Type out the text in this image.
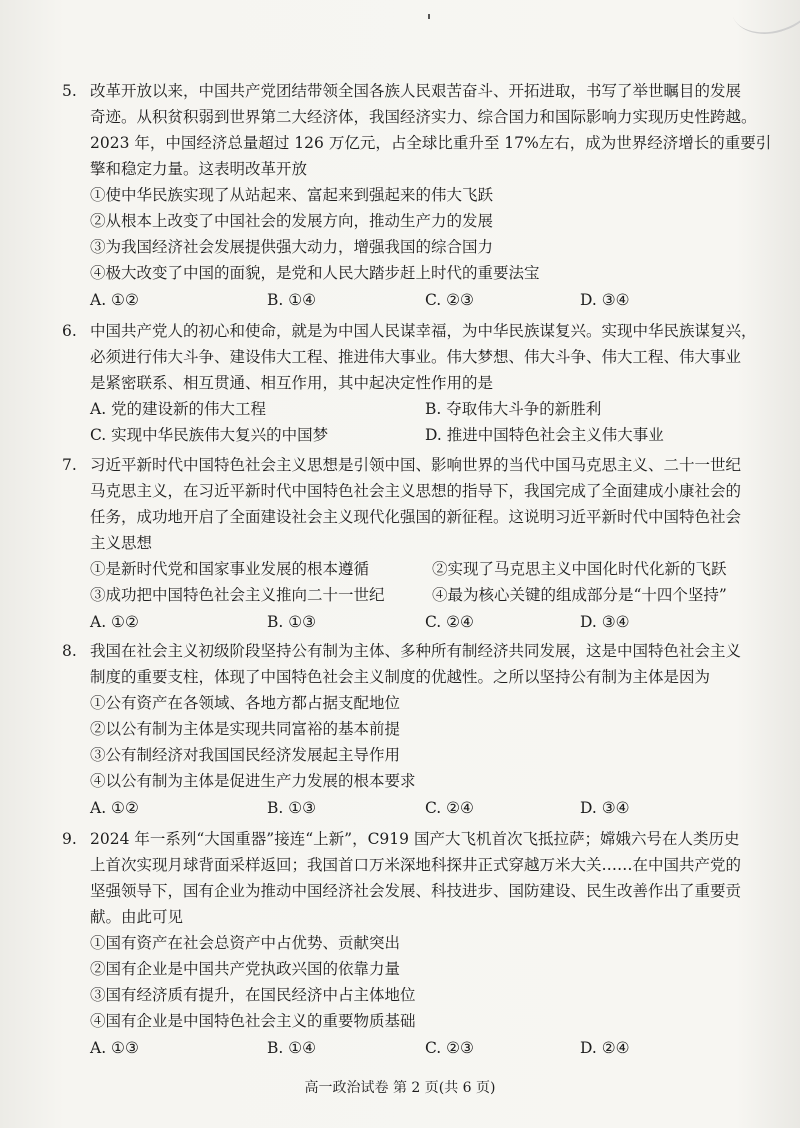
5. 改革开放以来，中国共产党团结带领全国各族人民艰苦奋斗、开拓进取，书写了举世瞩目的发展
奇迹。从积贫积弱到世界第二大经济体，我国经济实力、综合国力和国际影响力实现历史性跨越。
2023 年，中国经济总量超过 126 万亿元，占全球比重升至 17%左右，成为世界经济增长的重要引
擎和稳定力量。这表明改革开放
①使中华民族实现了从站起来、富起来到强起来的伟大飞跃
②从根本上改变了中国社会的发展方向，推动生产力的发展
③为我国经济社会发展提供强大动力，增强我国的综合国力
④极大改变了中国的面貌，是党和人民大踏步赶上时代的重要法宝
A. ①②	B. ①④	C. ②③	D. ③④
6. 中国共产党人的初心和使命，就是为中国人民谋幸福，为中华民族谋复兴。实现中华民族谋复兴，
必须进行伟大斗争、建设伟大工程、推进伟大事业。伟大梦想、伟大斗争、伟大工程、伟大事业
是紧密联系、相互贯通、相互作用，其中起决定性作用的是
A. 党的建设新的伟大工程	B. 夺取伟大斗争的新胜利
C. 实现中华民族伟大复兴的中国梦	D. 推进中国特色社会主义伟大事业
7. 习近平新时代中国特色社会主义思想是引领中国、影响世界的当代中国马克思主义、二十一世纪
马克思主义，在习近平新时代中国特色社会主义思想的指导下，我国完成了全面建成小康社会的
任务，成功地开启了全面建设社会主义现代化强国的新征程。这说明习近平新时代中国特色社会
主义思想
①是新时代党和国家事业发展的根本遵循	②实现了马克思主义中国化时代化新的飞跃
③成功把中国特色社会主义推向二十一世纪	④最为核心关键的组成部分是“十四个坚持”
A. ①②	B. ①③	C. ②④	D. ③④
8. 我国在社会主义初级阶段坚持公有制为主体、多种所有制经济共同发展，这是中国特色社会主义
制度的重要支柱，体现了中国特色社会主义制度的优越性。之所以坚持公有制为主体是因为
①公有资产在各领域、各地方都占据支配地位
②以公有制为主体是实现共同富裕的基本前提
③公有制经济对我国国民经济发展起主导作用
④以公有制为主体是促进生产力发展的根本要求
A. ①②	B. ①③	C. ②④	D. ③④
9. 2024 年一系列“大国重器”接连“上新”，C919 国产大飞机首次飞抵拉萨；嫦娥六号在人类历史
上首次实现月球背面采样返回；我国首口万米深地科探井正式穿越万米大关……在中国共产党的
坚强领导下，国有企业为推动中国经济社会发展、科技进步、国防建设、民生改善作出了重要贡
献。由此可见
①国有资产在社会总资产中占优势、贡献突出
②国有企业是中国共产党执政兴国的依靠力量
③国有经济质有提升，在国民经济中占主体地位
④国有企业是中国特色社会主义的重要物质基础
A. ①③	B. ①④	C. ②③	D. ②④
高一政治试卷 第 2 页(共 6 页)
